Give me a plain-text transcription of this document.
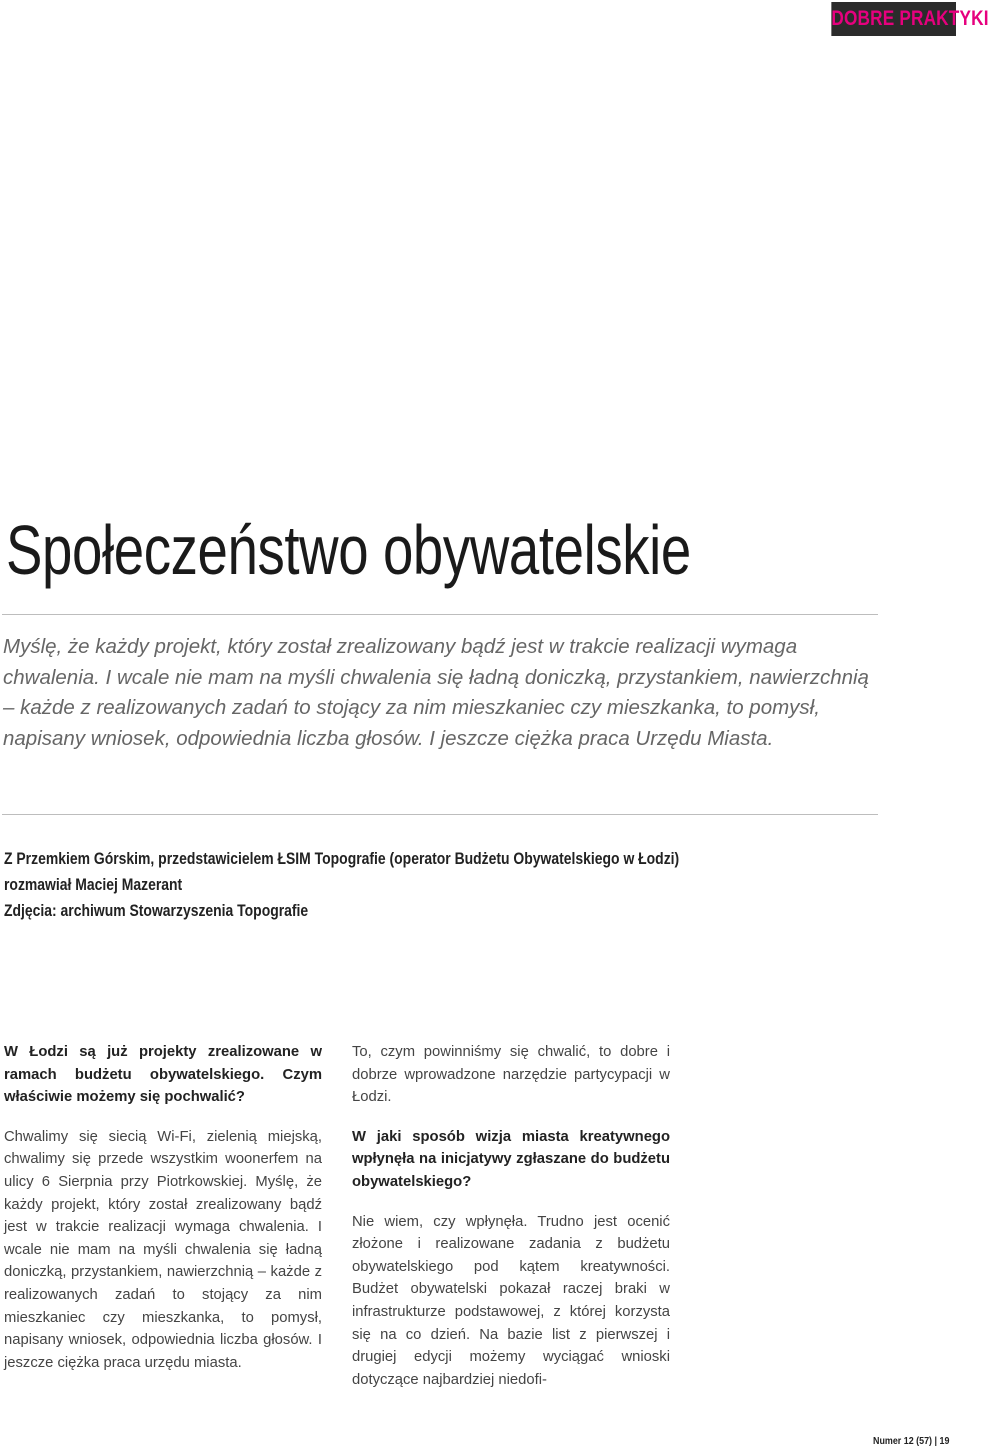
DOBRE PRAKTYKI
Społeczeństwo obywatelskie

Myślę, że każdy projekt, który został zrealizowany bądź jest w trakcie realizacji wymaga chwalenia. I wcale nie mam na myśli chwalenia się ładną doniczką, przystankiem, nawierzchnią – każde z realizowanych zadań to stojący za nim mieszkaniec czy mieszkanka, to pomysł, napisany wniosek, odpowiednia liczba głosów. I jeszcze ciężka praca Urzędu Miasta.

Z Przemkiem Górskim, przedstawicielem ŁSIM Topografie (operator Budżetu Obywatelskiego w Łodzi)
rozmawiał Maciej Mazerant
Zdjęcia: archiwum Stowarzyszenia Topografie

W Łodzi są już projekty zrealizowane w ramach budżetu obywatelskiego. Czym właściwie możemy się pochwalić?

Chwalimy się siecią Wi-Fi, zielenią miejską, chwalimy się przede wszystkim woonerfem na ulicy 6 Sierpnia przy Piotrkowskiej. Myślę, że każdy projekt, który został zrealizowany bądź jest w trakcie realizacji wymaga chwalenia. I wcale nie mam na myśli chwalenia się ładną doniczką, przystankiem, nawierzchnią – każde z realizowanych zadań to stojący za nim mieszkaniec czy mieszkanka, to pomysł, napisany wniosek, odpowiednia liczba głosów. I jeszcze ciężka praca urzędu miasta.

To, czym powinniśmy się chwalić, to dobre i dobrze wprowadzone narzędzie partycypacji w Łodzi.

W jaki sposób wizja miasta kreatywnego wpłynęła na inicjatywy zgłaszane do budżetu obywatelskiego?

Nie wiem, czy wpłynęła. Trudno jest ocenić złożone i realizowane zadania z budżetu obywatelskiego pod kątem kreatywności. Budżet obywatelski pokazał raczej braki w infrastrukturze podstawowej, z której korzysta się na co dzień. Na bazie list z pierwszej i drugiej edycji możemy wyciągać wnioski dotyczące najbardziej niedofi-

Numer 12 (57) | 19
